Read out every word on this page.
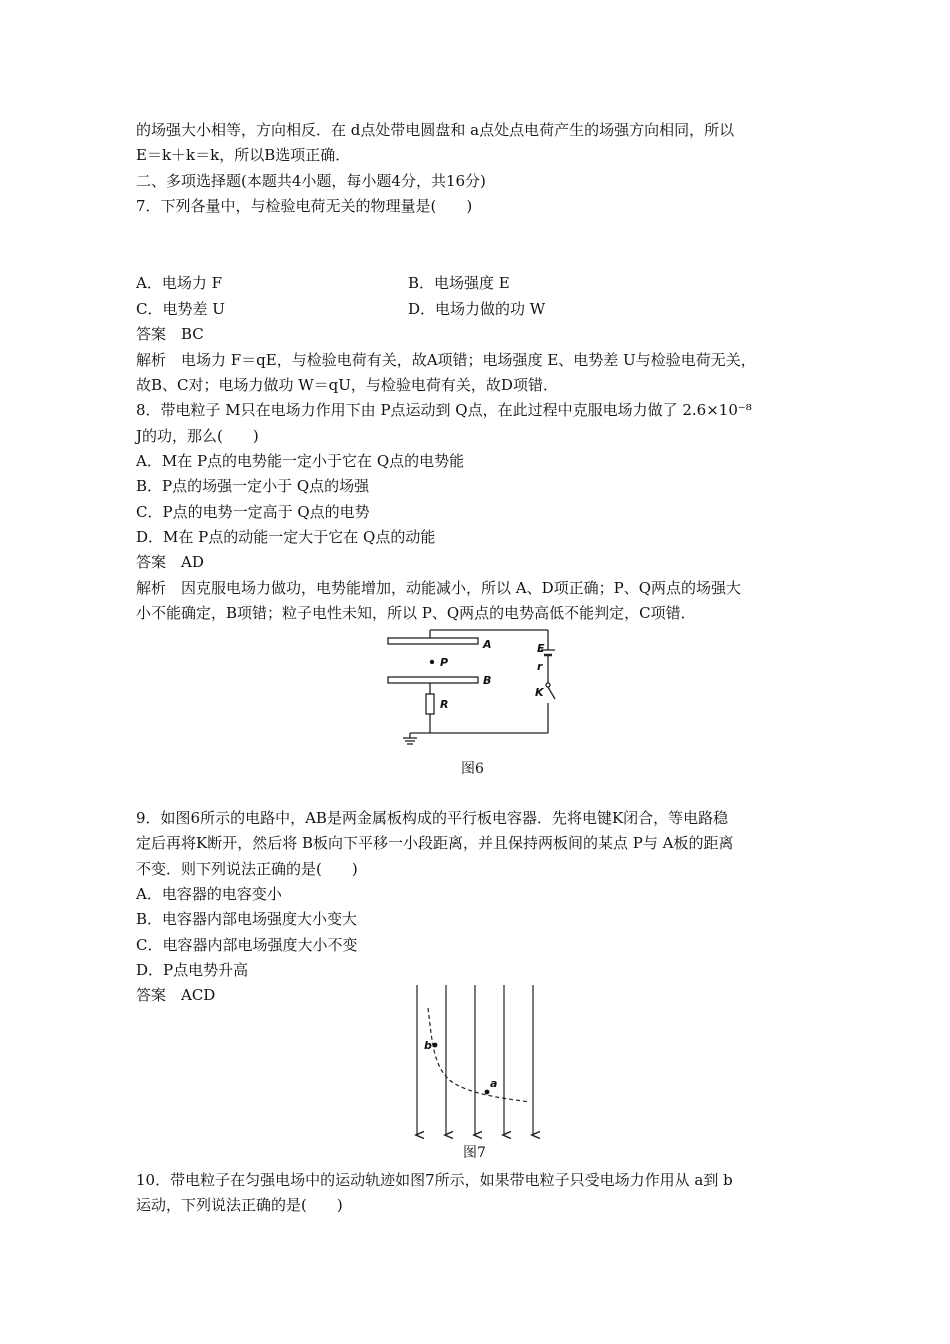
的场强大小相等，方向相反．在 d点处带电圆盘和 a点处点电荷产生的场强方向相同，所以
E＝k＋k＝k，所以B选项正确．
二、多项选择题(本题共4小题，每小题4分，共16分)
7．下列各量中，与检验电荷无关的物理量是(　　)
A．电场力 F	B．电场强度 E
C．电势差 U	D．电场力做的功 W
答案　BC
解析　电场力 F＝qE，与检验电荷有关，故A项错；电场强度 E、电势差 U与检验电荷无关，
故B、C对；电场力做功 W＝qU，与检验电荷有关，故D项错．
8．带电粒子 M只在电场力作用下由 P点运动到 Q点，在此过程中克服电场力做了 2.6×10⁻⁸
J的功，那么(　　)
A．M在 P点的电势能一定小于它在 Q点的电势能
B．P点的场强一定小于 Q点的场强
C．P点的电势一定高于 Q点的电势
D．M在 P点的动能一定大于它在 Q点的动能
答案　AD
解析　因克服电场力做功，电势能增加，动能减小，所以 A、D项正确；P、Q两点的场强大
小不能确定，B项错；粒子电性未知，所以 P、Q两点的电势高低不能判定，C项错．
9．如图6所示的电路中，AB是两金属板构成的平行板电容器．先将电键K闭合，等电路稳
定后再将K断开，然后将 B板向下平移一小段距离，并且保持两板间的某点 P与 A板的距离
不变．则下列说法正确的是(　　)
A．电容器的电容变小
B．电容器内部电场强度大小变大
C．电容器内部电场强度大小不变
D．P点电势升高
答案　ACD
10．带电粒子在匀强电场中的运动轨迹如图7所示，如果带电粒子只受电场力作用从 a到 b
运动，下列说法正确的是(　　)
A
P
B
E
r
K
R
图6
b
a
图7
